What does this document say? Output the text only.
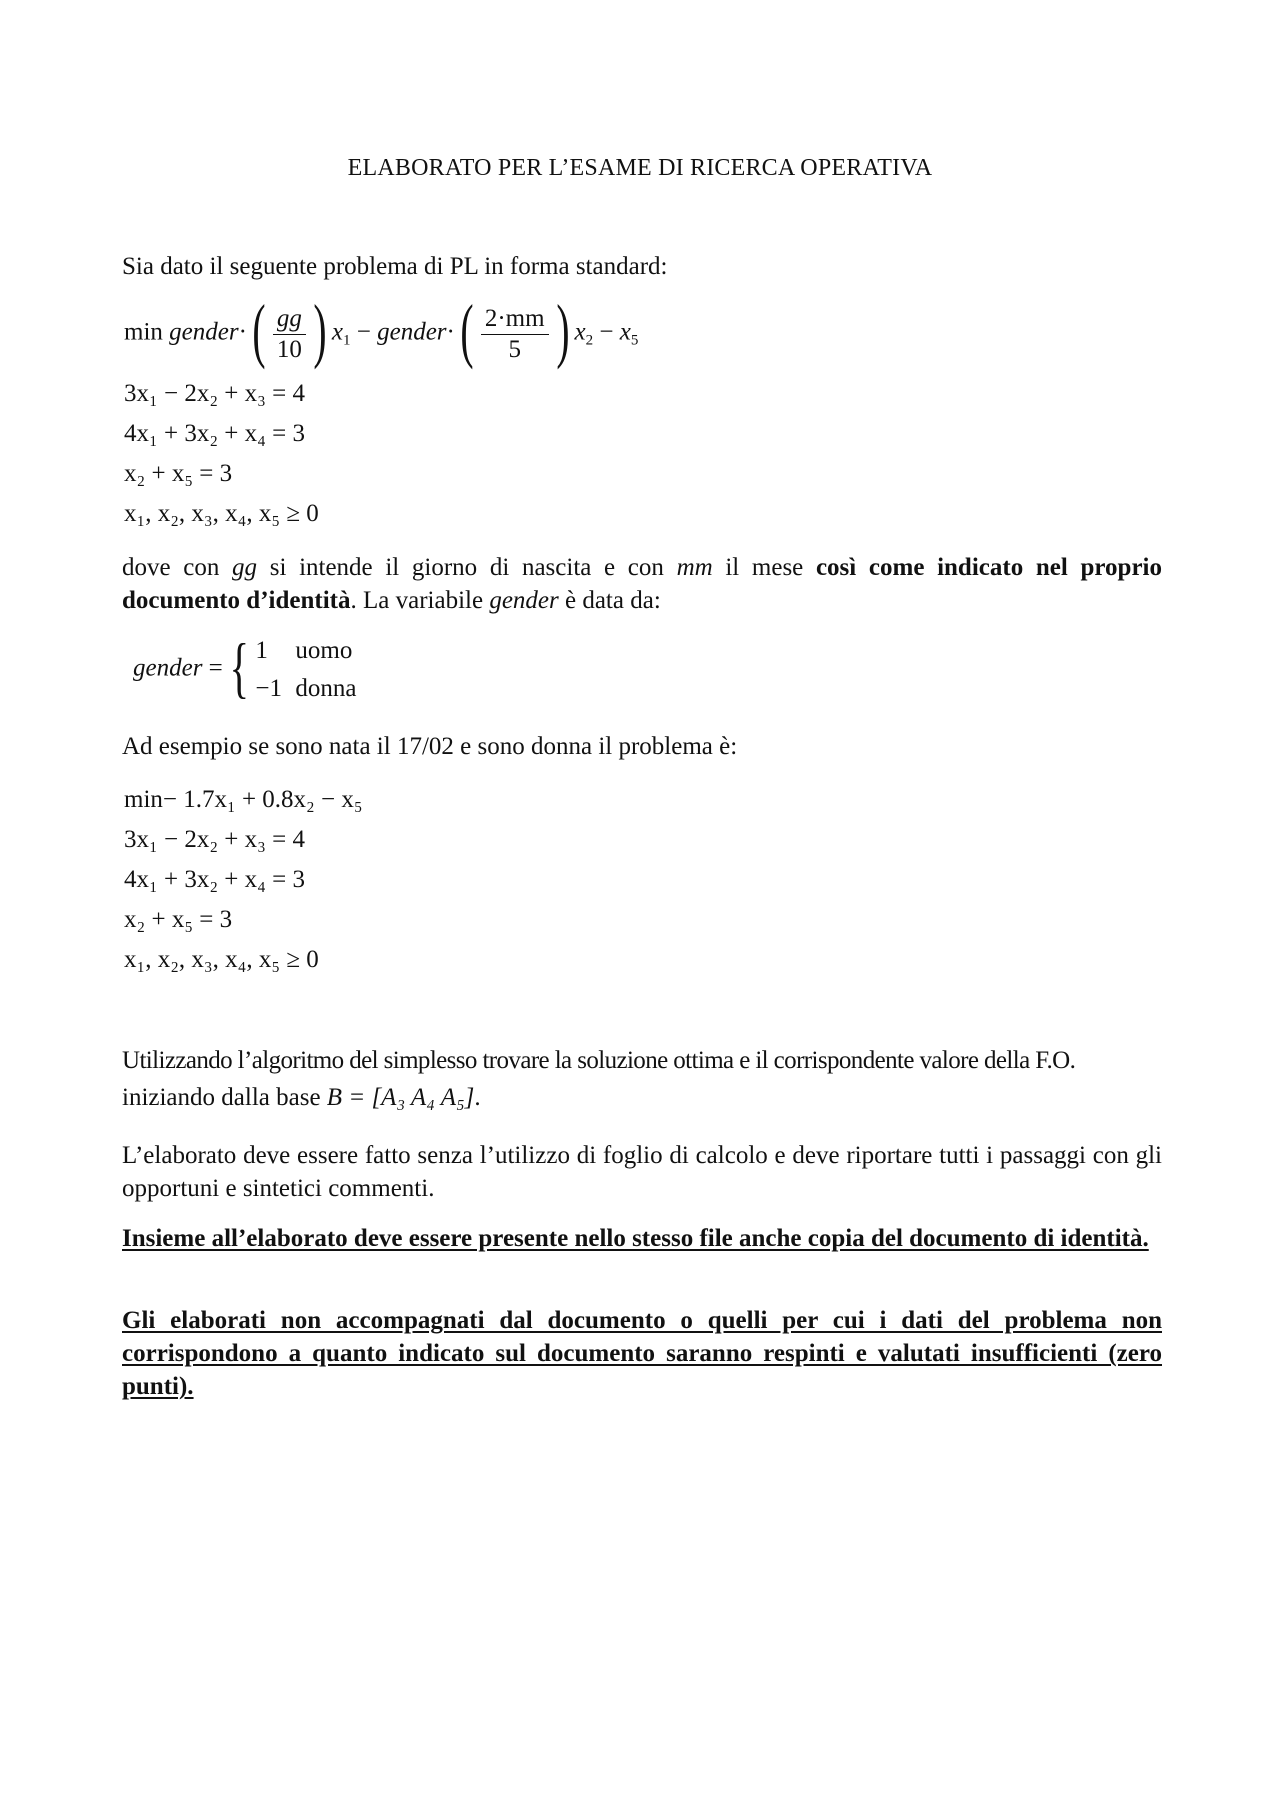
ELABORATO PER L’ESAME DI RICERCA OPERATIVA
Sia dato il seguente problema di PL in forma standard:
min gender·( $\frac{gg}{10}$ ) $x_1$ − gender·( $\frac{2\cdot mm}{5}$ ) $x_2 - x_5$
3x₁ − 2x₂ + x₃ = 4
4x₁ + 3x₂ + x₄ = 3
x₂ + x₅ = 3
x₁, x₂, x₃, x₄, x₅ ≥ 0
dove con gg si intende il giorno di nascita e con mm il mese così come indicato nel proprio documento d’identità. La variabile gender è data da:
gender ={ 1	uomo
−1 donna
Ad esempio se sono nata il 17/02 e sono donna il problema è:
min− 1.7x₁ + 0.8x₂ − x₅
3x₁ − 2x₂ + x₃ = 4
4x₁ + 3x₂ + x₄ = 3
x₂ + x₅ = 3
x₁, x₂, x₃, x₄, x₅ ≥ 0
Utilizzando l’algoritmo del simplesso trovare la soluzione ottima e il corrispondente valore della F.O.
iniziando dalla base B = [A₃ A₄ A₅].
L’elaborato deve essere fatto senza l’utilizzo di foglio di calcolo e deve riportare tutti i passaggi con gli opportuni e sintetici commenti.
Insieme all’elaborato deve essere presente nello stesso file anche copia del documento di identità.
Gli elaborati non accompagnati dal documento o quelli per cui i dati del problema non corrispondono a quanto indicato sul documento saranno respinti e valutati insufficienti (zero punti).
